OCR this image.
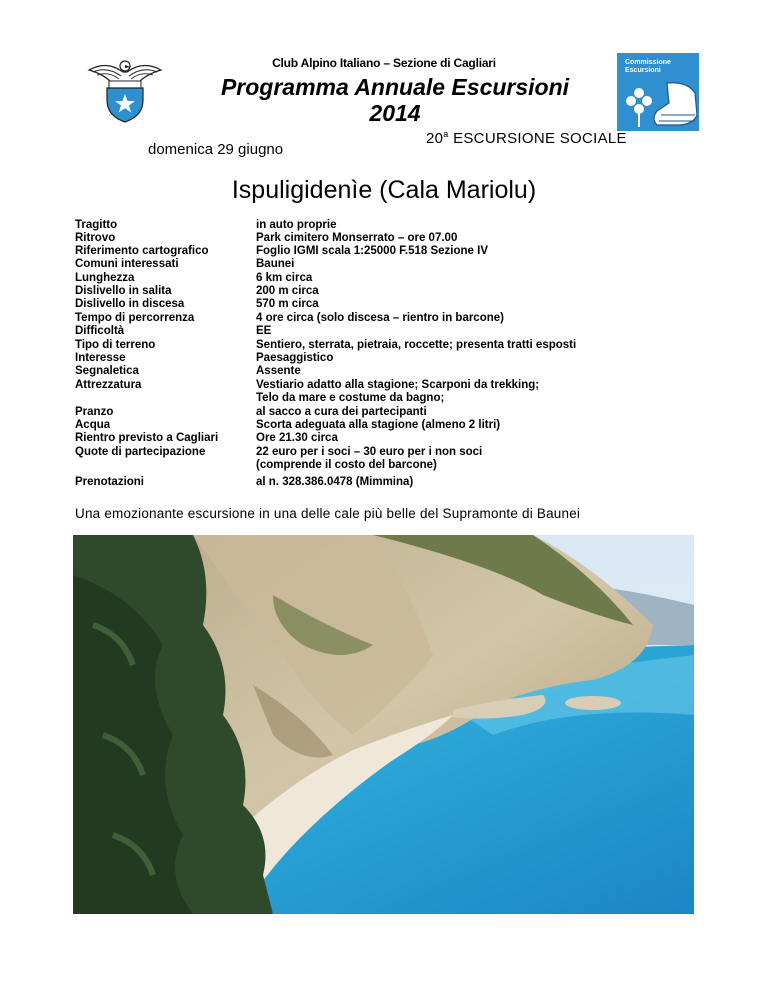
Commissione
Escursioni
Club Alpino Italiano – Sezione di Cagliari
Programma Annuale Escursioni
2014
domenica 29 giugno
20$^a$ ESCURSIONE SOCIALE
Ispuligidenìe (Cala Mariolu)
Tragitto	in auto proprie
Ritrovo	Park cimitero Monserrato – ore 07.00
Riferimento cartografico	Foglio IGMI scala 1:25000 F.518 Sezione IV
Comuni interessati	Baunei
Lunghezza	6 km circa
Dislivello in salita	200 m circa
Dislivello in discesa	570 m circa
Tempo di percorrenza	4 ore circa (solo discesa – rientro in barcone)
Difficoltà	EE
Tipo di terreno	Sentiero, sterrata, pietraia, roccette; presenta tratti esposti
Interesse	Paesaggistico
Segnaletica	Assente
Attrezzatura	Vestiario adatto alla stagione; Scarponi da trekking;
Telo da mare e costume da bagno;
Pranzo	al sacco a cura dei partecipanti
Acqua	Scorta adeguata alla stagione (almeno 2 litri)
Rientro previsto a Cagliari	Ore 21.30 circa
Quote di partecipazione	22 euro per i soci – 30 euro per i non soci
(comprende il costo del barcone)
Prenotazioni	al n. 328.386.0478 (Mimmina)
Una emozionante escursione in una delle cale più belle del Supramonte di Baunei
